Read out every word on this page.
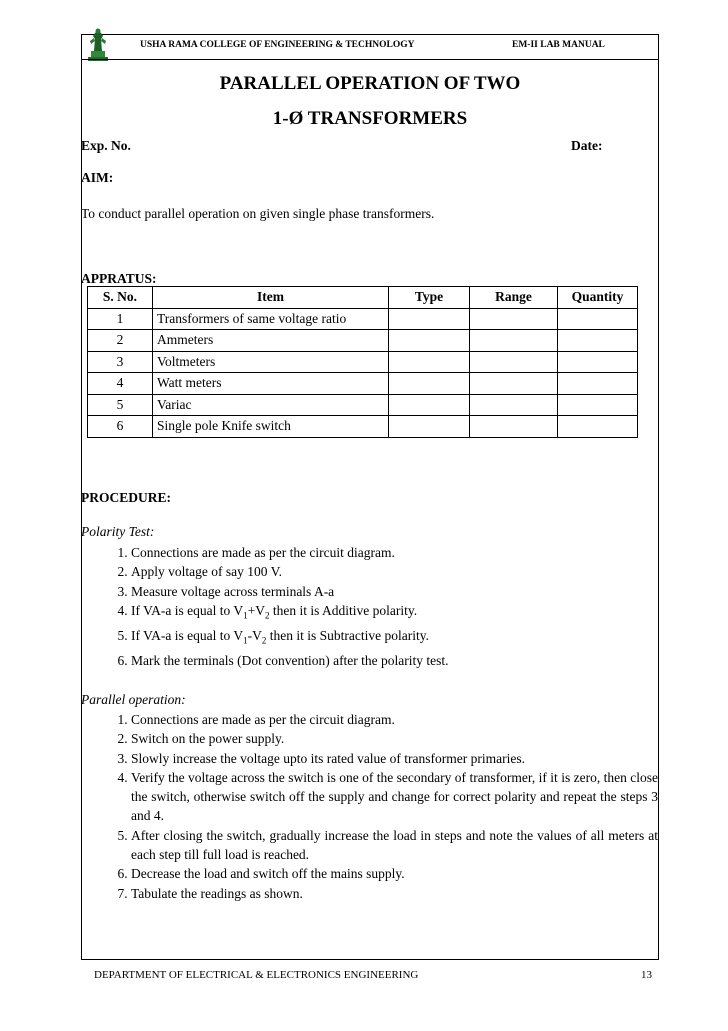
USHA RAMA COLLEGE OF ENGINEERING & TECHNOLOGY	EM-II LAB MANUAL
PARALLEL OPERATION OF TWO
1-Ø TRANSFORMERS
Exp. No.	Date:
AIM:
To conduct parallel operation on given single phase transformers.
APPRATUS:
S. No.	Item	Type	Range	Quantity
1	Transformers of same voltage ratio			
2	Ammeters			
3	Voltmeters			
4	Watt meters			
5	Variac			
6	Single pole Knife switch			
PROCEDURE:
Polarity Test:
1. Connections are made as per the circuit diagram.
2. Apply voltage of say 100 V.
3. Measure voltage across terminals A-a
4. If VA-a is equal to $V_1+V_2$ then it is Additive polarity.
5. If VA-a is equal to $V_1-V_2$ then it is Subtractive polarity.
6. Mark the terminals (Dot convention) after the polarity test.
Parallel operation:
1. Connections are made as per the circuit diagram.
2. Switch on the power supply.
3. Slowly increase the voltage upto its rated value of transformer primaries.
4. Verify the voltage across the switch is one of the secondary of transformer, if it is zero, then close the switch, otherwise switch off the supply and change for correct polarity and repeat the steps 3 and 4.
5. After closing the switch, gradually increase the load in steps and note the values of all meters at each step till full load is reached.
6. Decrease the load and switch off the mains supply.
7. Tabulate the readings as shown.
DEPARTMENT OF ELECTRICAL & ELECTRONICS ENGINEERING	13
